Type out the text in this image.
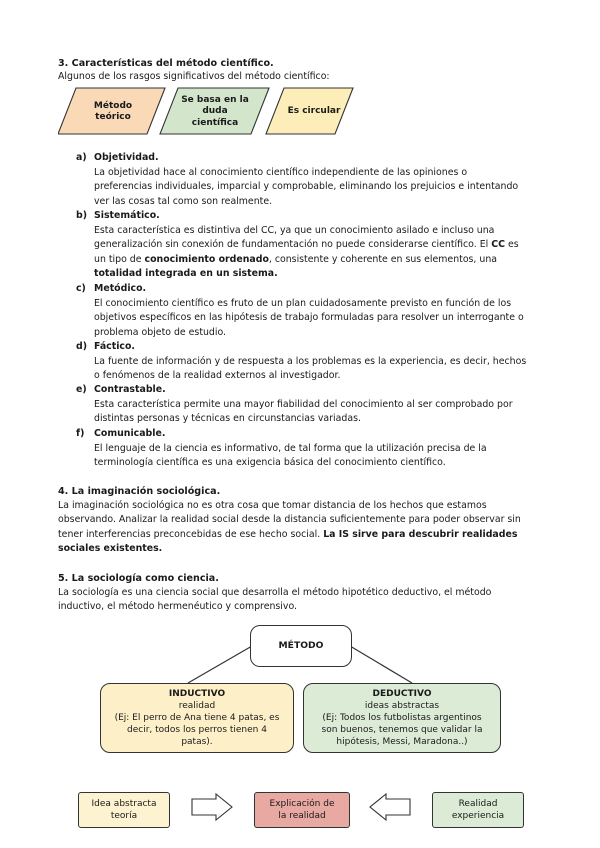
3. Características del método científico.
Algunos de los rasgos significativos del método científico:
Método teórico
Se basa en la duda científica
Es circular
a) Objetividad.
La objetividad hace al conocimiento científico independiente de las opiniones o
preferencias individuales, imparcial y comprobable, eliminando los prejuicios e intentando
ver las cosas tal como son realmente.
b) Sistemático.
Esta característica es distintiva del CC, ya que un conocimiento asilado e incluso una
generalización sin conexión de fundamentación no puede considerarse científico. El CC es
un tipo de conocimiento ordenado, consistente y coherente en sus elementos, una
totalidad integrada en un sistema.
c) Metódico.
El conocimiento científico es fruto de un plan cuidadosamente previsto en función de los
objetivos específicos en las hipótesis de trabajo formuladas para resolver un interrogante o
problema objeto de estudio.
d) Fáctico.
La fuente de información y de respuesta a los problemas es la experiencia, es decir, hechos
o fenómenos de la realidad externos al investigador.
e) Contrastable.
Esta característica permite una mayor fiabilidad del conocimiento al ser comprobado por
distintas personas y técnicas en circunstancias variadas.
f) Comunicable.
El lenguaje de la ciencia es informativo, de tal forma que la utilización precisa de la
terminología científica es una exigencia básica del conocimiento científico.
4. La imaginación sociológica.
La imaginación sociológica no es otra cosa que tomar distancia de los hechos que estamos
observando. Analizar la realidad social desde la distancia suficientemente para poder observar sin
tener interferencias preconcebidas de ese hecho social. La IS sirve para descubrir realidades
sociales existentes.
5. La sociología como ciencia.
La sociología es una ciencia social que desarrolla el método hipotético deductivo, el método
inductivo, el método hermenéutico y comprensivo.
MÉTODO
INDUCTIVO
realidad
(Ej: El perro de Ana tiene 4 patas, es
decir, todos los perros tienen 4
patas).
DEDUCTIVO
ideas abstractas
(Ej: Todos los futbolistas argentinos
son buenos, tenemos que validar la
hipótesis, Messi, Maradona..)
Idea abstracta
teoría
Explicación de
la realidad
Realidad
experiencia
